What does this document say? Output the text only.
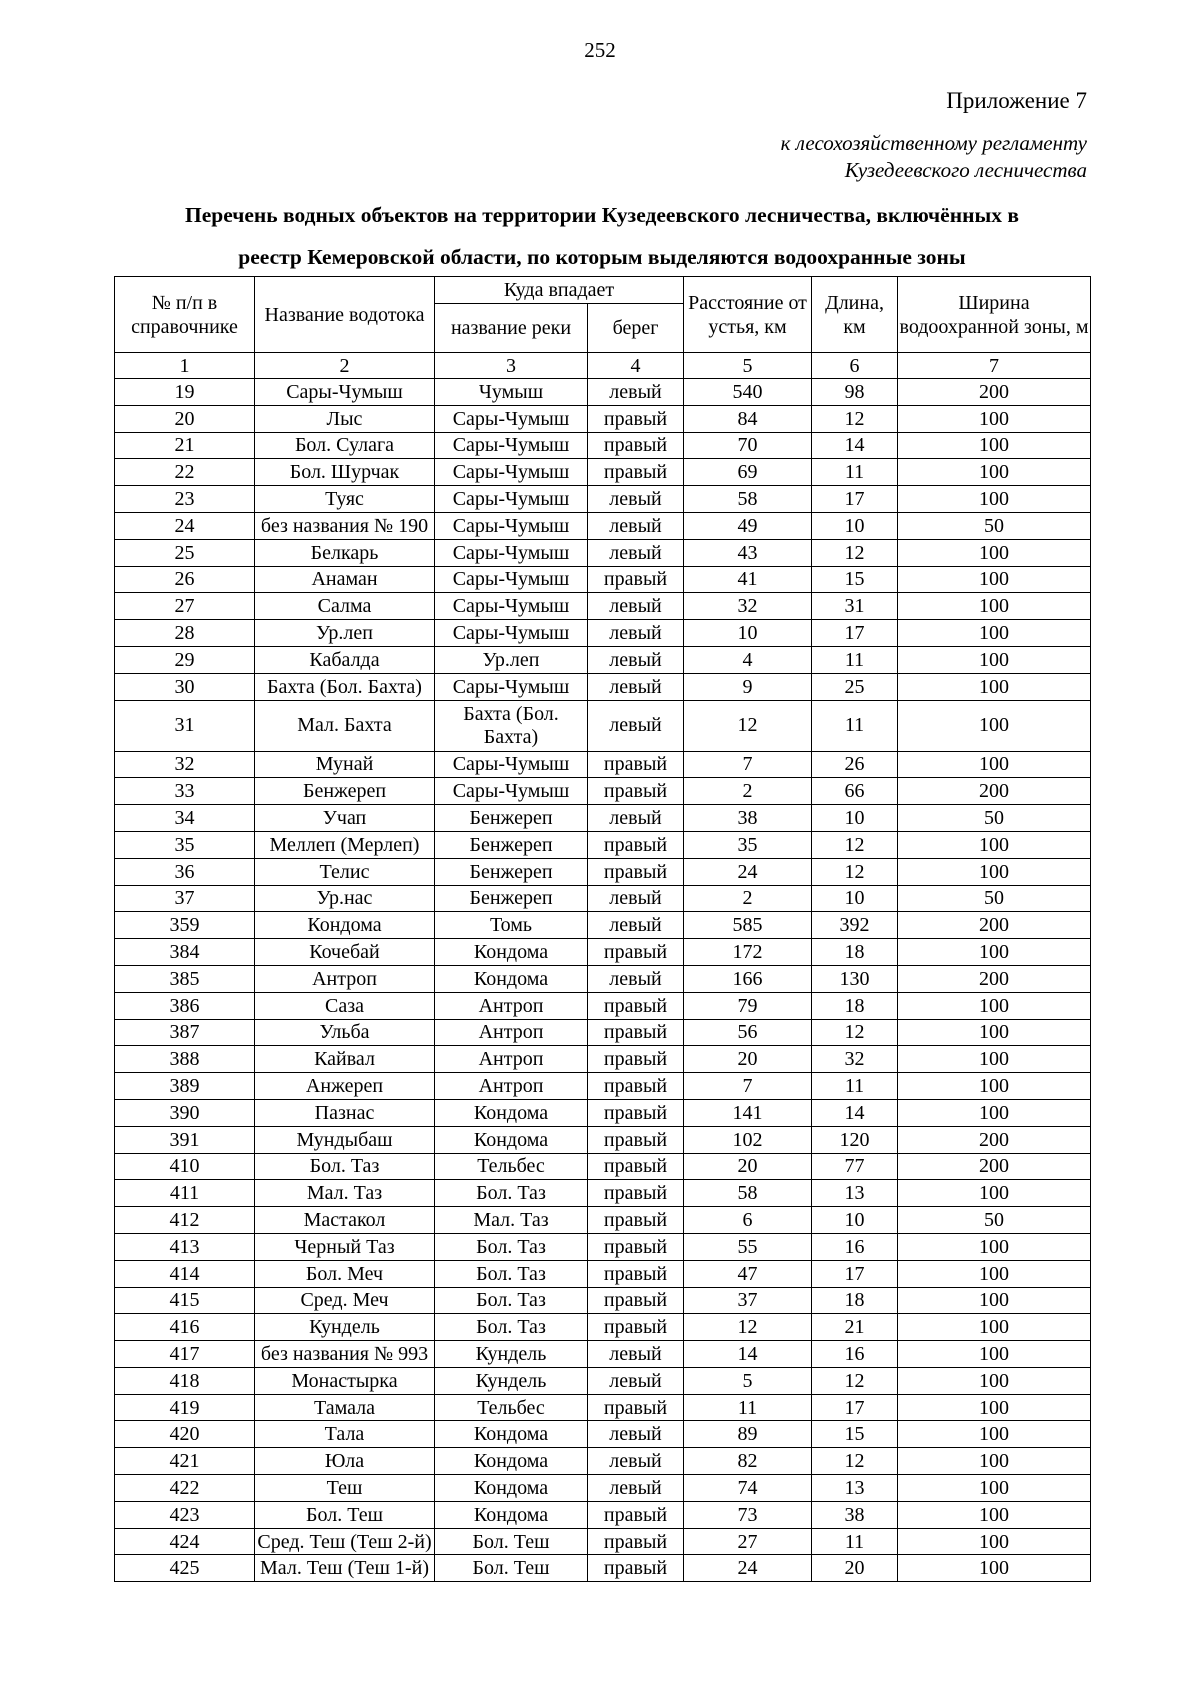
252
Приложение 7
к лесохозяйственному регламенту
Кузедеевского лесничества
Перечень водных объектов на территории Кузедеевского лесничества, включённых в
реестр Кемеровской области, по которым выделяются водоохранные зоны
№ п/п в справочнике	Название водотока	Куда впадает		Расстояние от устья, км	Длина, км	Ширина водоохранной зоны, м
		название реки	берег			
1	2	3	4	5	6	7
19	Сары-Чумыш	Чумыш	левый	540	98	200
20	Лыс	Сары-Чумыш	правый	84	12	100
21	Бол. Сулага	Сары-Чумыш	правый	70	14	100
22	Бол. Шурчак	Сары-Чумыш	правый	69	11	100
23	Туяс	Сары-Чумыш	левый	58	17	100
24	без названия № 190	Сары-Чумыш	левый	49	10	50
25	Белкарь	Сары-Чумыш	левый	43	12	100
26	Анаман	Сары-Чумыш	правый	41	15	100
27	Салма	Сары-Чумыш	левый	32	31	100
28	Ур.леп	Сары-Чумыш	левый	10	17	100
29	Кабалда	Ур.леп	левый	4	11	100
30	Бахта (Бол. Бахта)	Сары-Чумыш	левый	9	25	100
31	Мал. Бахта	Бахта (Бол. Бахта)	левый	12	11	100
32	Мунай	Сары-Чумыш	правый	7	26	100
33	Бенжереп	Сары-Чумыш	правый	2	66	200
34	Учап	Бенжереп	левый	38	10	50
35	Меллеп (Мерлеп)	Бенжереп	правый	35	12	100
36	Телис	Бенжереп	правый	24	12	100
37	Ур.нас	Бенжереп	левый	2	10	50
359	Кондома	Томь	левый	585	392	200
384	Кочебай	Кондома	правый	172	18	100
385	Антроп	Кондома	левый	166	130	200
386	Саза	Антроп	правый	79	18	100
387	Ульба	Антроп	правый	56	12	100
388	Кайвал	Антроп	правый	20	32	100
389	Анжереп	Антроп	правый	7	11	100
390	Пазнас	Кондома	правый	141	14	100
391	Мундыбаш	Кондома	правый	102	120	200
410	Бол. Таз	Тельбес	правый	20	77	200
411	Мал. Таз	Бол. Таз	правый	58	13	100
412	Мастакол	Мал. Таз	правый	6	10	50
413	Черный Таз	Бол. Таз	правый	55	16	100
414	Бол. Меч	Бол. Таз	правый	47	17	100
415	Сред. Меч	Бол. Таз	правый	37	18	100
416	Кундель	Бол. Таз	правый	12	21	100
417	без названия № 993	Кундель	левый	14	16	100
418	Монастырка	Кундель	левый	5	12	100
419	Тамала	Тельбес	правый	11	17	100
420	Тала	Кондома	левый	89	15	100
421	Юла	Кондома	левый	82	12	100
422	Теш	Кондома	левый	74	13	100
423	Бол. Теш	Кондома	правый	73	38	100
424	Сред. Теш (Теш 2-й)	Бол. Теш	правый	27	11	100
425	Мал. Теш (Теш 1-й)	Бол. Теш	правый	24	20	100
